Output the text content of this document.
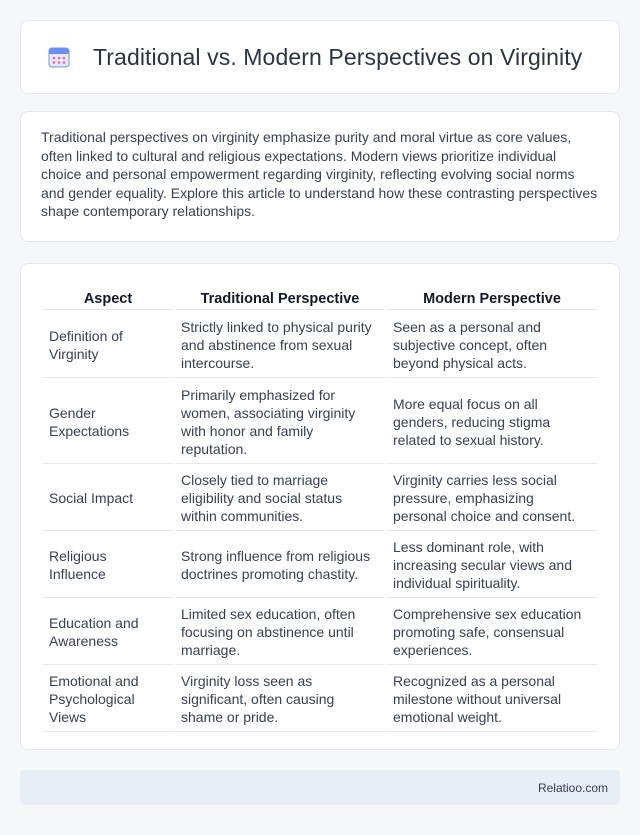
Traditional vs. Modern Perspectives on Virginity

Traditional perspectives on virginity emphasize purity and moral virtue as core values, often linked to cultural and religious expectations. Modern views prioritize individual choice and personal empowerment regarding virginity, reflecting evolving social norms and gender equality. Explore this article to understand how these contrasting perspectives shape contemporary relationships.

Aspect	Traditional Perspective	Modern Perspective
Definition of Virginity	Strictly linked to physical purity and abstinence from sexual intercourse.	Seen as a personal and subjective concept, often beyond physical acts.
Gender Expectations	Primarily emphasized for women, associating virginity with honor and family reputation.	More equal focus on all genders, reducing stigma related to sexual history.
Social Impact	Closely tied to marriage eligibility and social status within communities.	Virginity carries less social pressure, emphasizing personal choice and consent.
Religious Influence	Strong influence from religious doctrines promoting chastity.	Less dominant role, with increasing secular views and individual spirituality.
Education and Awareness	Limited sex education, often focusing on abstinence until marriage.	Comprehensive sex education promoting safe, consensual experiences.
Emotional and Psychological Views	Virginity loss seen as significant, often causing shame or pride.	Recognized as a personal milestone without universal emotional weight.
Relatioo.com
